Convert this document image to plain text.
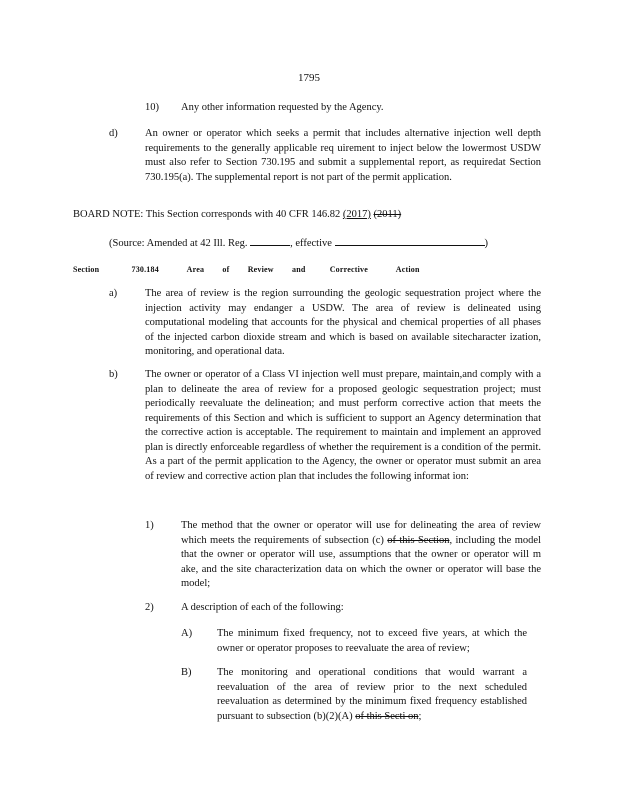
1795
10) Any other information requested by the Agency.
d)	An owner or operator which seeks a permit that includes alternative injection well depth requirements to the generally applicable req uirement to inject below the lowermost USDW must also refer to Section 730.195 and submit a supplemental report, as requiredat Section 730.195(a). The supplemental report is not part of the permit application.
BOARD NOTE: This Section corresponds with 40 CFR 146.82 (2017) (2011)
(Source: Amended at 42 Ill. Reg.	, effective	)
Section	730.184	Area of Review and	Corrective	Action
a)	The area of review is the region surrounding the geologic sequestration project where the injection activity may endanger a USDW. The area of review is delineated using computational modeling that accounts for the physical and chemical properties of all phases of the injected carbon dioxide stream and which is based on available sitecharacter ization, monitoring, and operational data.
b)	The owner or operator of a Class VI injection well must prepare, maintain,and comply with a plan to delineate the area of review for a proposed geologic sequestration project; must periodically reevaluate the delineation; and must perform corrective action that meets the requirements of this Section and which is sufficient to support an Agency determination that the corrective action is acceptable. The requirement to maintain and implement an approved plan is directly enforceable regardless of whether the requirement is a condition of the permit. As a part of the permit application to the Agency, the owner or operator must submit an area of review and corrective action plan that includes the following informat ion:
1)	The method that the owner or operator will use for delineating the area of review which meets the requirements of subsection (c) of this Section, including the model that the owner or operator will use, assumptions that the owner or operator will m ake, and the site characterization data on which the owner or operator will base the model;
2)	A description of each of the following:
A) The minimum fixed frequency, not to exceed five years, at which the owner or operator proposes to reevaluate the area of review;
B) The monitoring and operational conditions that would warrant a reevaluation of the area of review prior to the next scheduled reevaluation as determined by the minimum fixed frequency established pursuant to subsection (b)(2)(A) of this Secti on;
